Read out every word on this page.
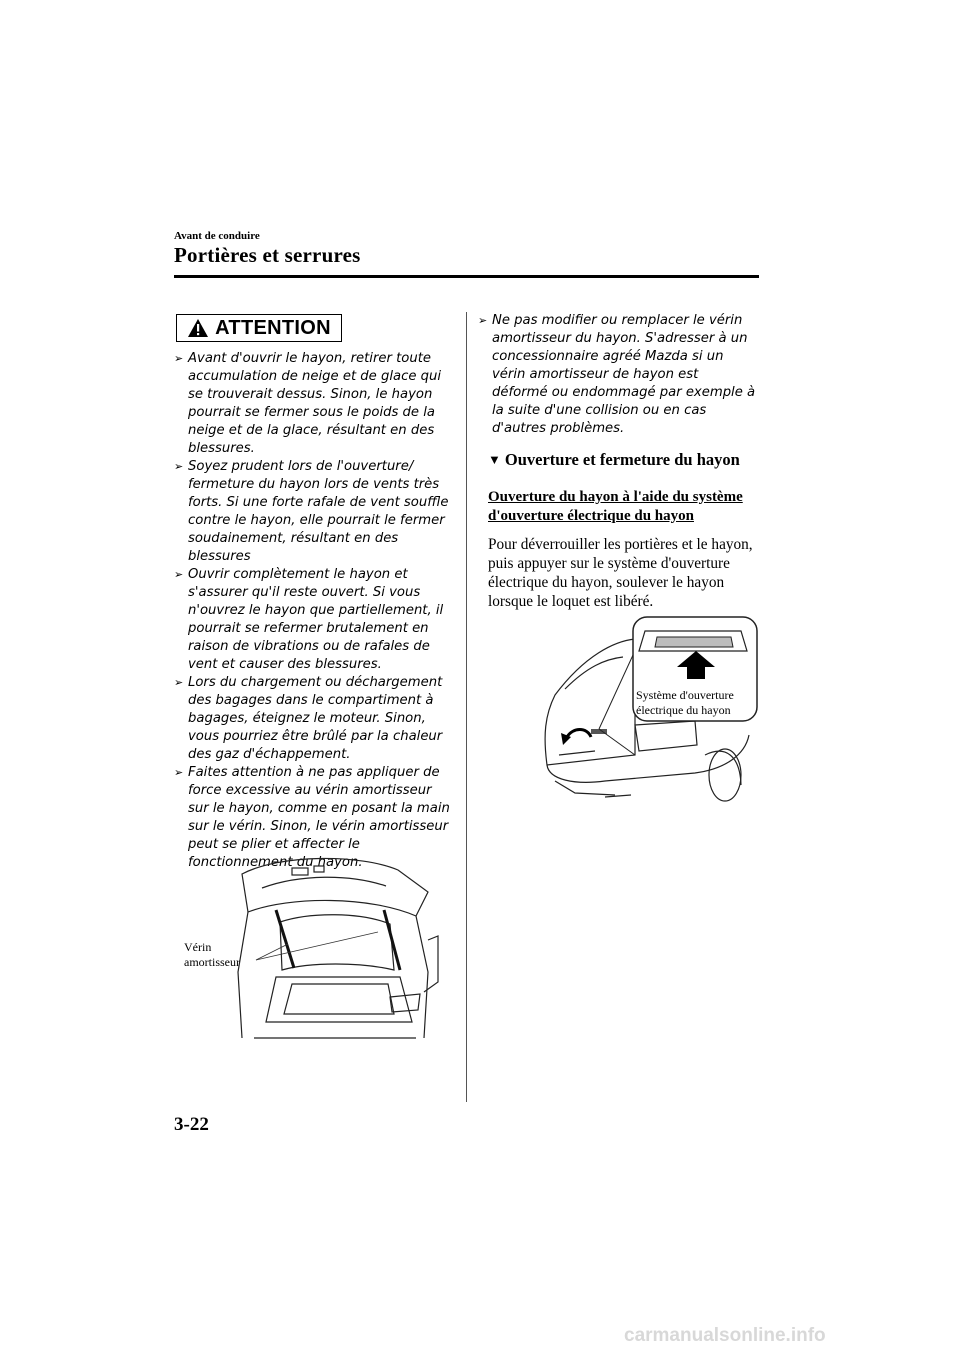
Avant de conduire
Portières et serrures
ATTENTION
➢ Avant d'ouvrir le hayon, retirer toute accumulation de neige et de glace qui se trouverait dessus. Sinon, le hayon pourrait se fermer sous le poids de la neige et de la glace, résultant en des blessures.
➢ Soyez prudent lors de l'ouverture/ fermeture du hayon lors de vents très forts. Si une forte rafale de vent souffle contre le hayon, elle pourrait le fermer soudainement, résultant en des blessures
➢ Ouvrir complètement le hayon et s'assurer qu'il reste ouvert. Si vous n'ouvrez le hayon que partiellement, il pourrait se refermer brutalement en raison de vibrations ou de rafales de vent et causer des blessures.
➢ Lors du chargement ou déchargement des bagages dans le compartiment à bagages, éteignez le moteur. Sinon, vous pourriez être brûlé par la chaleur des gaz d'échappement.
➢ Faites attention à ne pas appliquer de force excessive au vérin amortisseur sur le hayon, comme en posant la main sur le vérin. Sinon, le vérin amortisseur peut se plier et affecter le fonctionnement du hayon.
Vérin
amortisseur
➢ Ne pas modifier ou remplacer le vérin amortisseur du hayon. S'adresser à un concessionnaire agréé Mazda si un vérin amortisseur de hayon est déformé ou endommagé par exemple à la suite d'une collision ou en cas d'autres problèmes.
▼ Ouverture et fermeture du hayon
Ouverture du hayon à l'aide du système d'ouverture électrique du hayon
Pour déverrouiller les portières et le hayon, puis appuyer sur le système d'ouverture électrique du hayon, soulever le hayon lorsque le loquet est libéré.
Système d'ouverture
électrique du hayon
3-22
carmanualsonline.info
